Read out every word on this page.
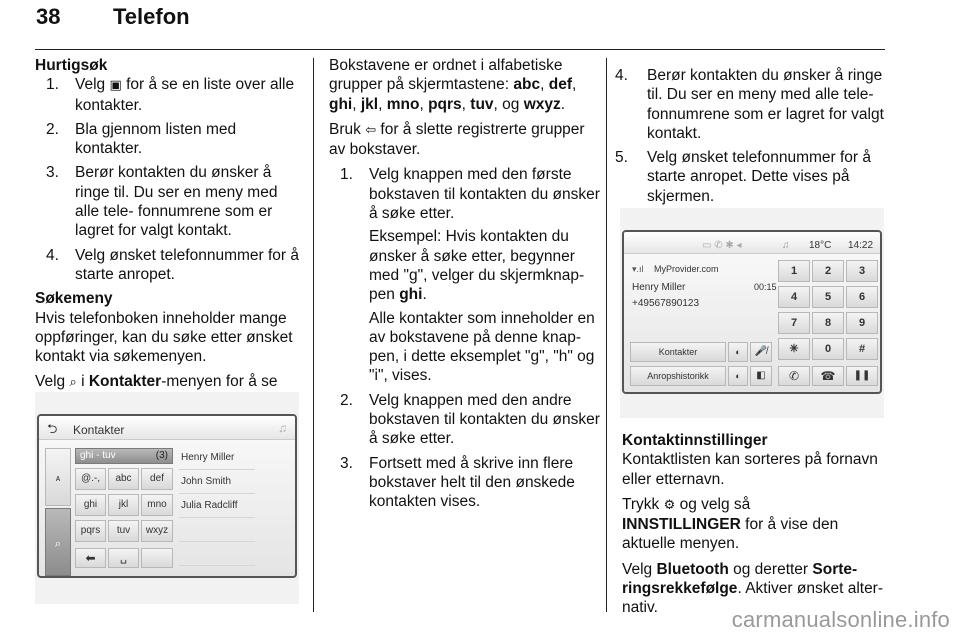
38 Telefon
Hurtigsøk
1. Velg ▣ for å se en liste over alle kontakter.
2. Bla gjennom listen med kontakter.
3. Berør kontakten du ønsker å ringe til. Du ser en meny med alle tele- fonnumrene som er lagret for valgt kontakt.
4. Velg ønsket telefonnummer for å starte anropet.
Søkemeny

Hvis telefonboken inneholder mange oppføringer, kan du søke etter ønsket kontakt via søkemenyen.

Velg ⌕ i Kontakter-menyen for å se

⮌ Kontakter	♫
$_ᴀ$
⌕
ghi - tuv	(3)
@.-,	abc	def
ghi	jkl	mno
pqrs	tuv	wxyz
⬅	␣
Henry Miller
John Smith
Julia Radcliff

Bokstavene er ordnet i alfabetiske grupper på skjermtastene: abc, def, ghi, jkl, mno, pqrs, tuv, og wxyz.

Bruk ⇦ for å slette registrerte grupper av bokstaver.

1. Velg knappen med den første bokstaven til kontakten du ønsker å søke etter.
Eksempel: Hvis kontakten du ønsker å søke etter, begynner med "g", velger du skjermknap- pen ghi.
Alle kontakter som inneholder en av bokstavene på denne knap- pen, i dette eksemplet "g", "h" og "i", vises.
2. Velg knappen med den andre bokstaven til kontakten du ønsker å søke etter.
3. Fortsett med å skrive inn flere bokstaver helt til den ønskede kontakten vises.
4. Berør kontakten du ønsker å ringe til. Du ser en meny med alle tele- fonnumrene som er lagret for valgt kontakt.
5. Velg ønsket telefonnummer for å starte anropet. Dette vises på skjermen.
▭ ✆ ✱ ◂	♫ 18°C 14:22
▾.ıl MyProvider.com
Henry Miller	00:15
+49567890123
Kontakter	◐	🎤̸
Anropshistorikk	◐	◧
1	2	3
4	5	6
7	8	9
✳	0	#
✆	☎	❚❚
Kontaktinnstillinger

Kontaktlisten kan sorteres på fornavn eller etternavn.

Trykk ⚙ og velg så
INNSTILLINGER for å vise den aktuelle menyen.

Velg Bluetooth og deretter Sorte- ringsrekkefølge. Aktiver ønsket alter- nativ.	carmanualsonline.info
